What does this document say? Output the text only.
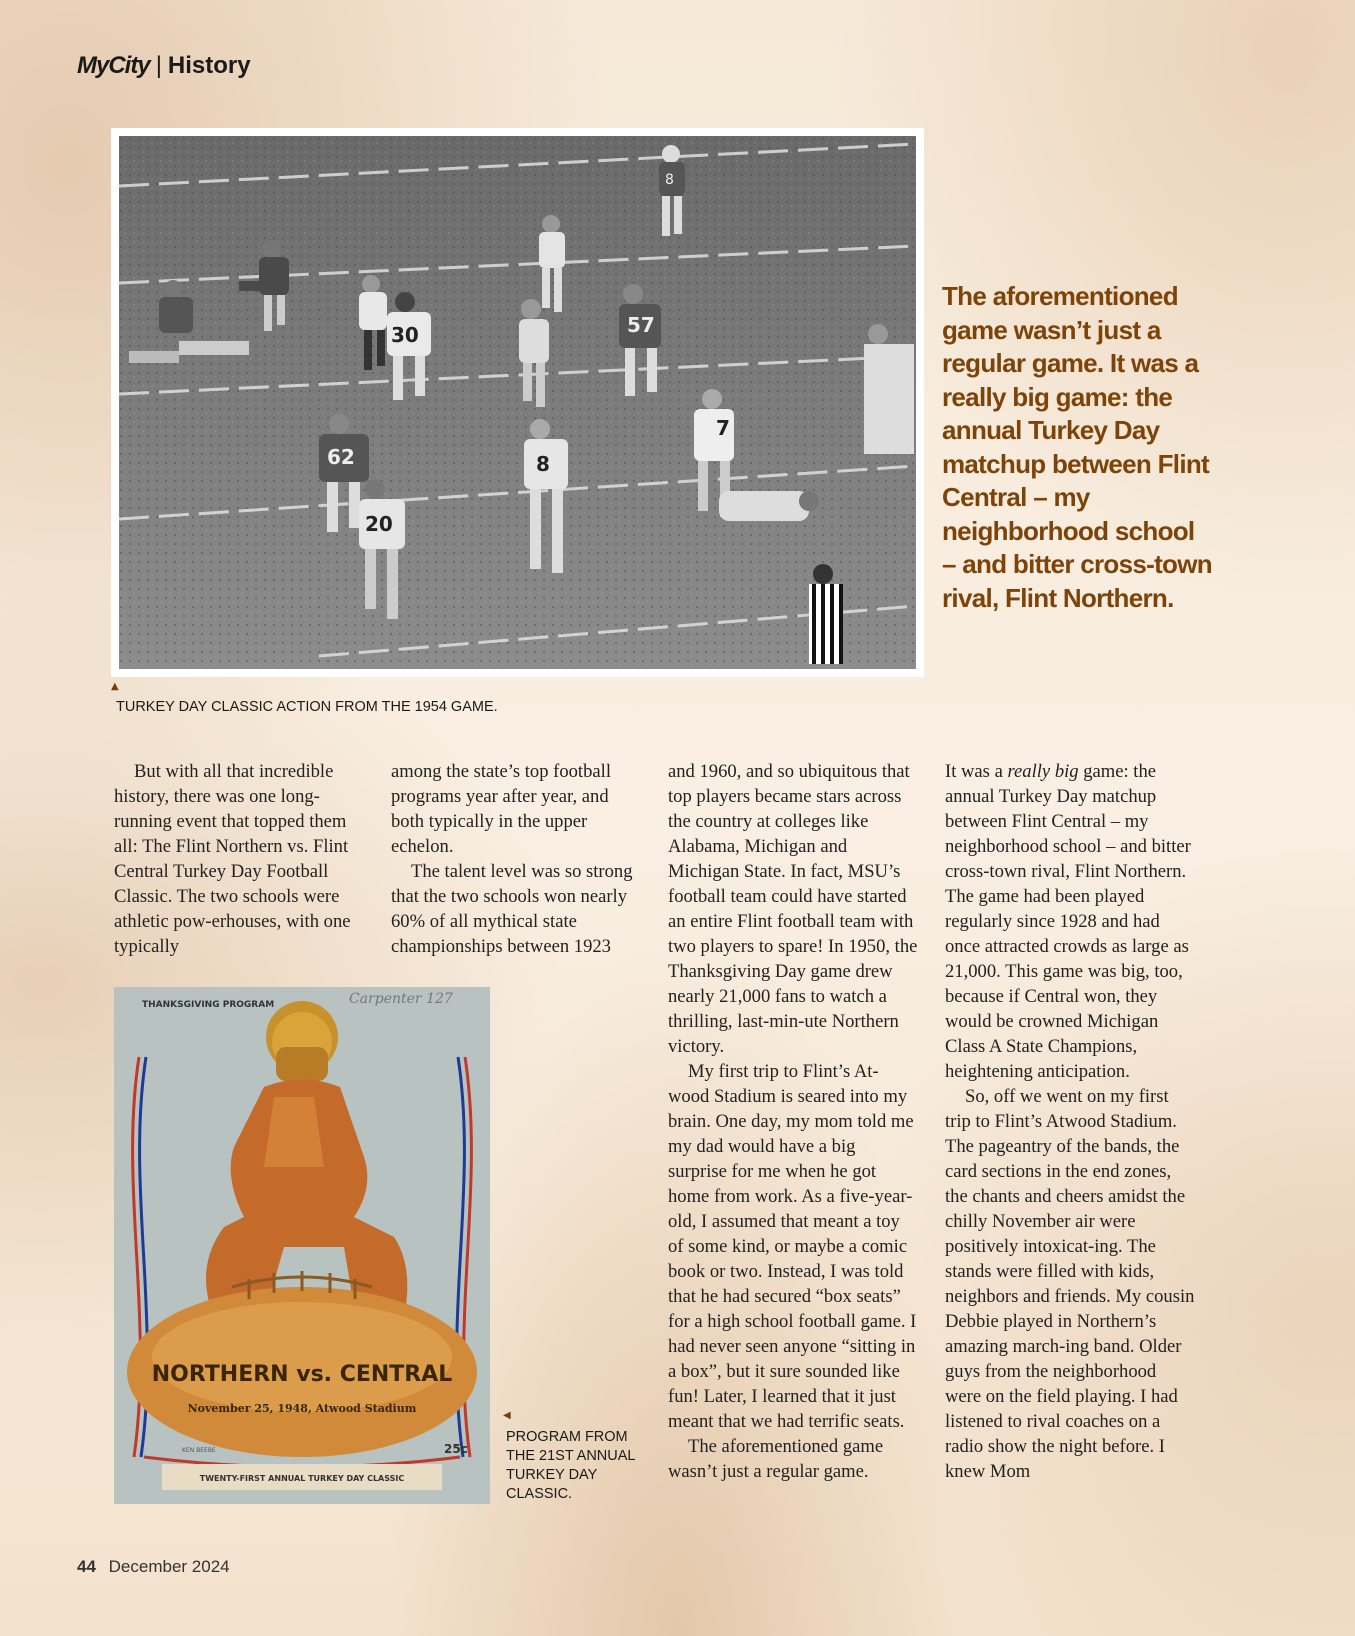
MyCity | History
8
30	57
62	8
20
7
▲
TURKEY DAY CLASSIC ACTION FROM THE 1954 GAME.
The aforementioned game wasn’t just a regular game. It was a really big game: the annual Turkey Day matchup between Flint Central – my neighborhood school – and bitter cross-town rival, Flint Northern.

But with all that incredible history, there was one long-running event that topped them all: The Flint Northern vs. Flint Central Turkey Day Football Classic. The two schools were athletic pow-erhouses, with one typically

among the state’s top football programs year after year, and both typically in the upper echelon.

The talent level was so strong that the two schools won nearly 60% of all mythical state championships between 1923

and 1960, and so ubiquitous that top players became stars across the country at colleges like Alabama, Michigan and Michigan State. In fact, MSU’s football team could have started an entire Flint football team with two players to spare! In 1950, the Thanksgiving Day game drew nearly 21,000 fans to watch a thrilling, last-min-ute Northern victory.

My first trip to Flint’s At-wood Stadium is seared into my brain. One day, my mom told me my dad would have a big surprise for me when he got home from work. As a five-year-old, I assumed that meant a toy of some kind, or maybe a comic book or two. Instead, I was told that he had secured “box seats” for a high school football game. I had never seen anyone “sitting in a box”, but it sure sounded like fun! Later, I learned that it just meant that we had terrific seats.

The aforementioned game wasn’t just a regular game.

It was a really big game: the annual Turkey Day matchup between Flint Central – my neighborhood school – and bitter cross-town rival, Flint Northern. The game had been played regularly since 1928 and had once attracted crowds as large as 21,000. This game was big, too, because if Central won, they would be crowned Michigan Class A State Champions, heightening anticipation.

So, off we went on my first trip to Flint’s Atwood Stadium. The pageantry of the bands, the card sections in the end zones, the chants and cheers amidst the chilly November air were positively intoxicat-ing. The stands were filled with kids, neighbors and friends. My cousin Debbie played in Northern’s amazing march-ing band. Older guys from the neighborhood were on the field playing. I had listened to rival coaches on a radio show the night before. I knew Mom

THANKSGIVING PROGRAM	Carpenter 127
NORTHERN vs. CENTRAL
November 25, 1948, Atwood Stadium
KEN BEEBE	25c
TWENTY-FIRST ANNUAL TURKEY DAY CLASSIC
◀
PROGRAM FROM THE 21ST ANNUAL TURKEY DAY CLASSIC.
44 December 2024
